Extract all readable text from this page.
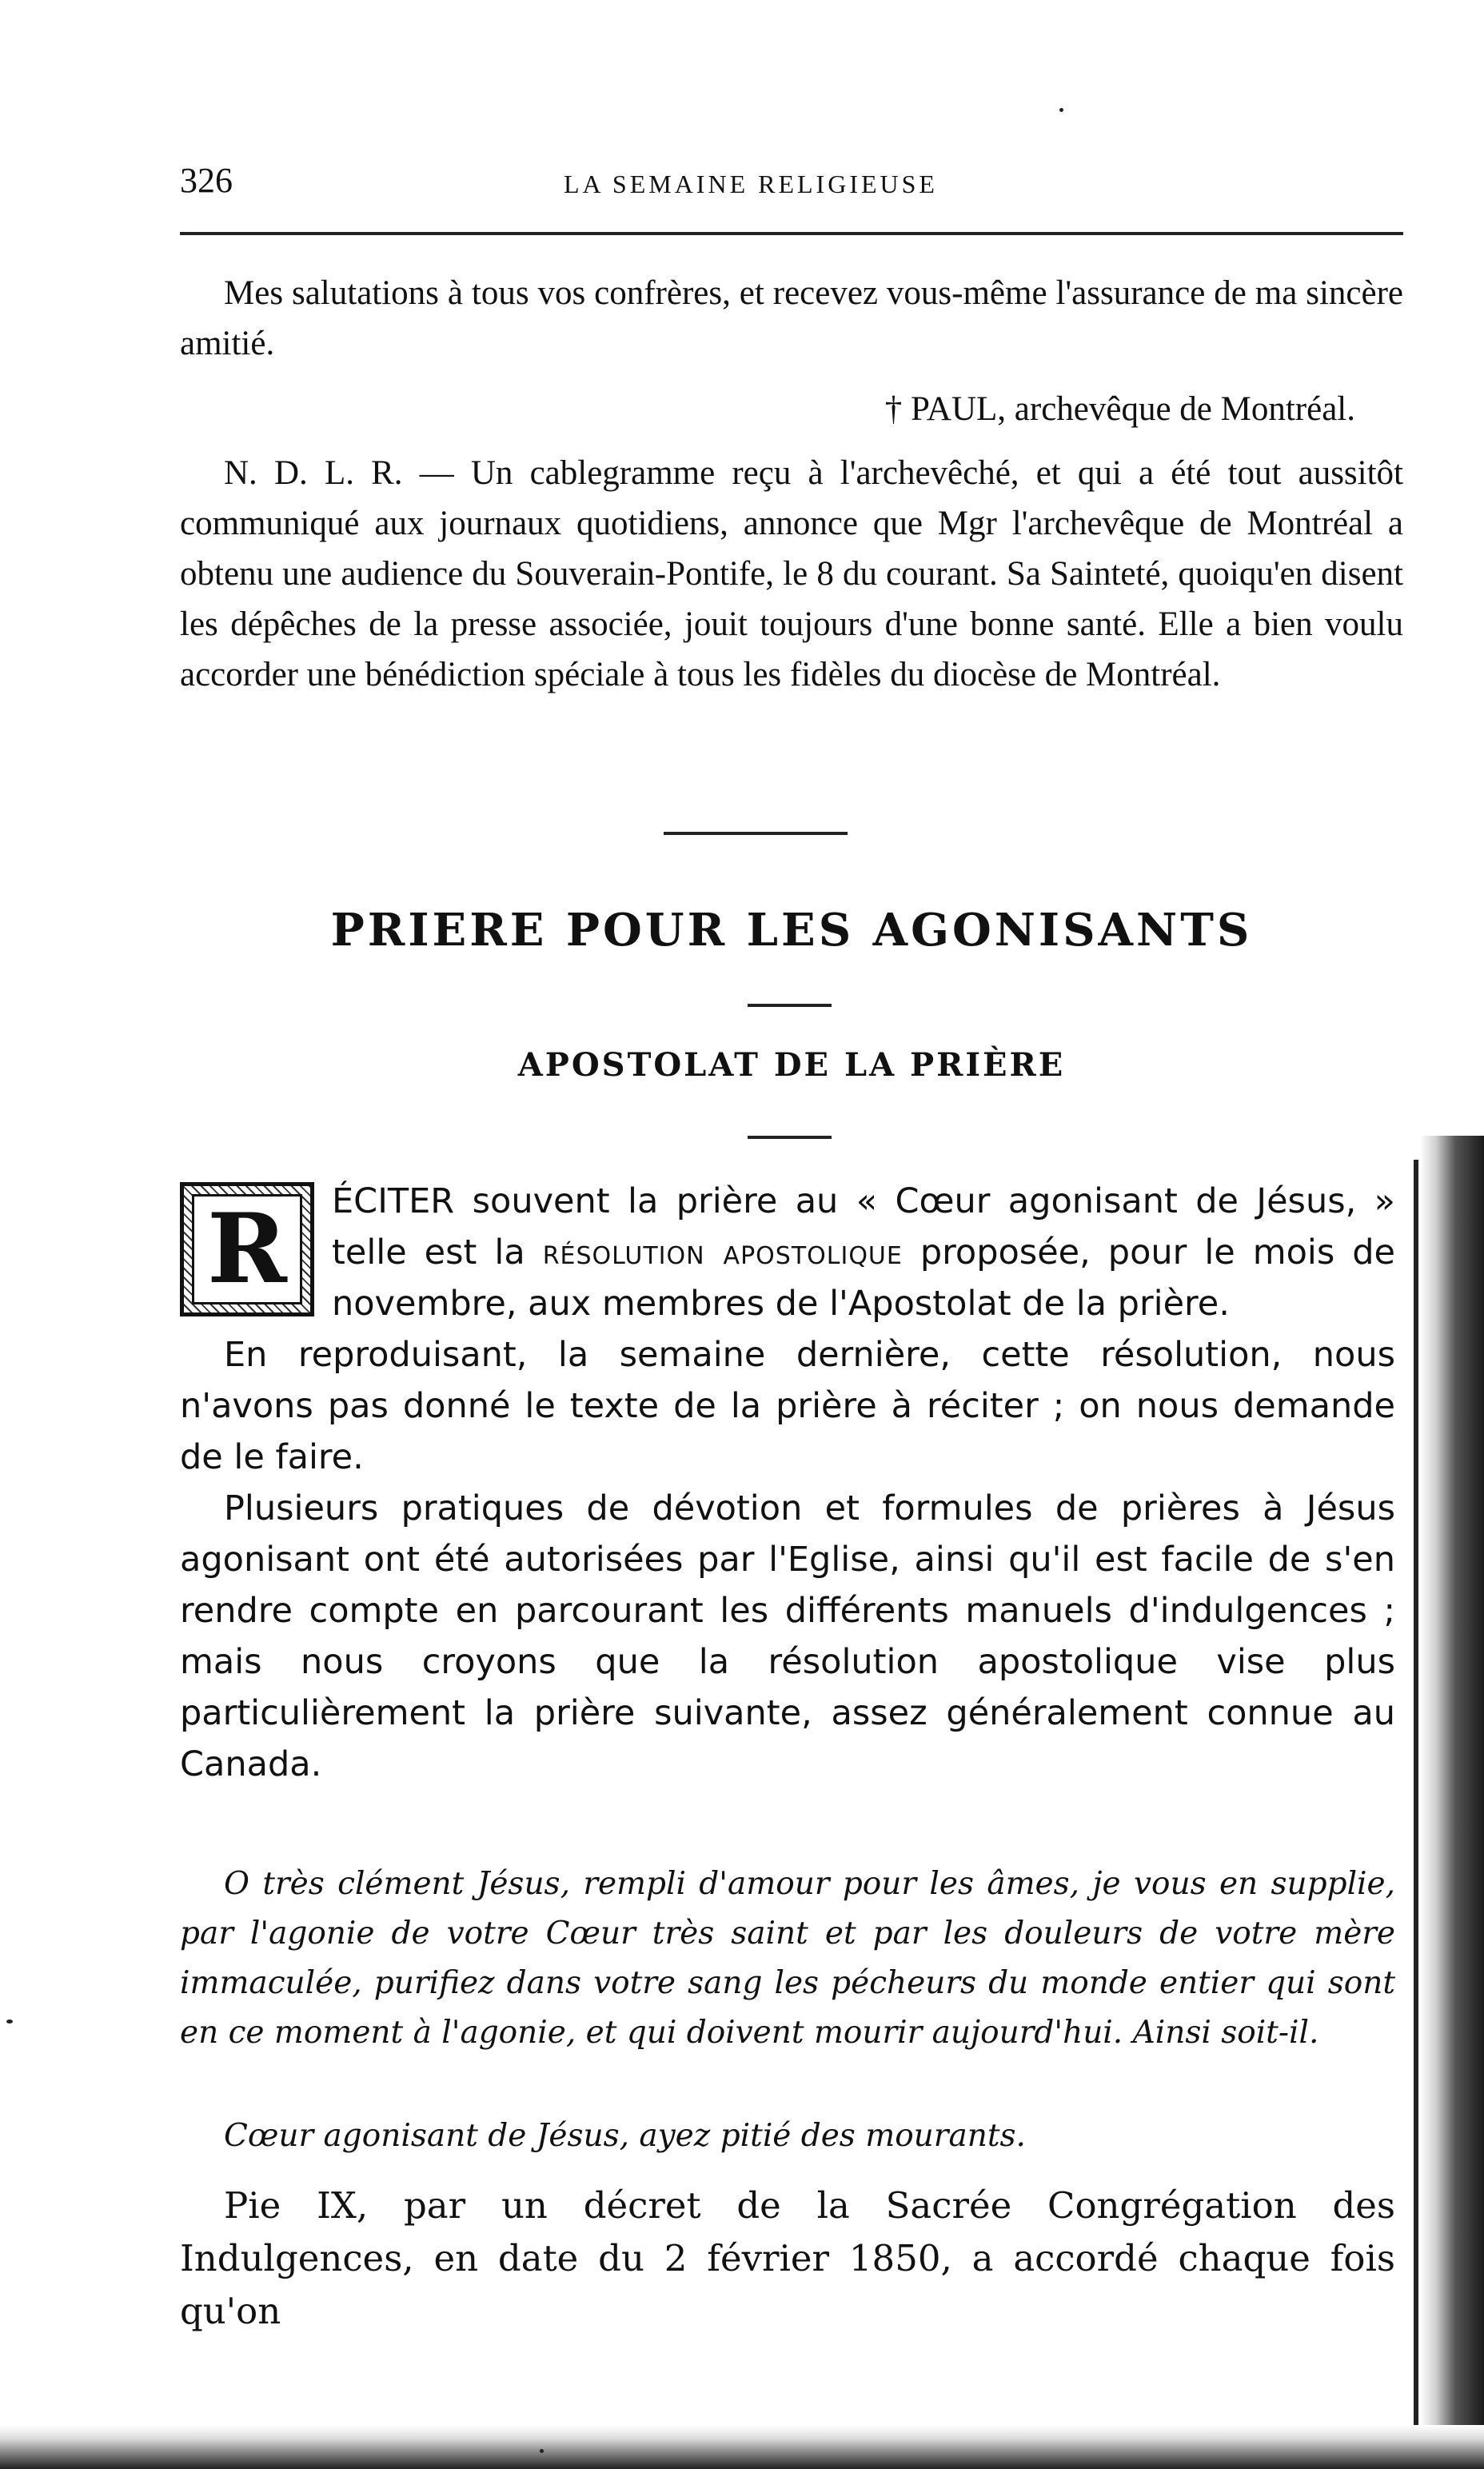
326	LA SEMAINE RELIGIEUSE

Mes salutations à tous vos confrères, et recevez vous-même l'assurance de ma sincère amitié.

† PAUL, archevêque de Montréal.

N. D. L. R. — Un cablegramme reçu à l'archevêché, et qui a été tout aussitôt communiqué aux journaux quotidiens, annonce que Mgr l'archevêque de Montréal a obtenu une audience du Souverain-Pontife, le 8 du courant. Sa Sainteté, quoiqu'en disent les dépêches de la presse associée, jouit toujours d'une bonne santé. Elle a bien voulu accorder une bénédiction spéciale à tous les fidèles du diocèse de Montréal.

PRIERE POUR LES AGONISANTS
APOSTOLAT DE LA PRIÈRE

R	ÉCITER souvent la prière au « Cœur agonisant de Jésus, » telle est la résolution apostolique proposée, pour le mois de novembre, aux membres de l'Apostolat de la prière.

En reproduisant, la semaine dernière, cette résolution, nous n'avons pas donné le texte de la prière à réciter ; on nous demande de le faire.

Plusieurs pratiques de dévotion et formules de prières à Jésus agonisant ont été autorisées par l'Eglise, ainsi qu'il est facile de s'en rendre compte en parcourant les différents manuels d'indulgences ; mais nous croyons que la résolution apostolique vise plus particulièrement la prière suivante, assez généralement connue au Canada.

O très clément Jésus, rempli d'amour pour les âmes, je vous en supplie, par l'agonie de votre Cœur très saint et par les douleurs de votre mère immaculée, purifiez dans votre sang les pécheurs du monde entier qui sont en ce moment à l'agonie, et qui doivent mourir aujourd'hui. Ainsi soit-il.
Cœur agonisant de Jésus, ayez pitié des mourants.
Pie IX, par un décret de la Sacrée Congrégation des Indulgences, en date du 2 février 1850, a accordé chaque fois qu'on
